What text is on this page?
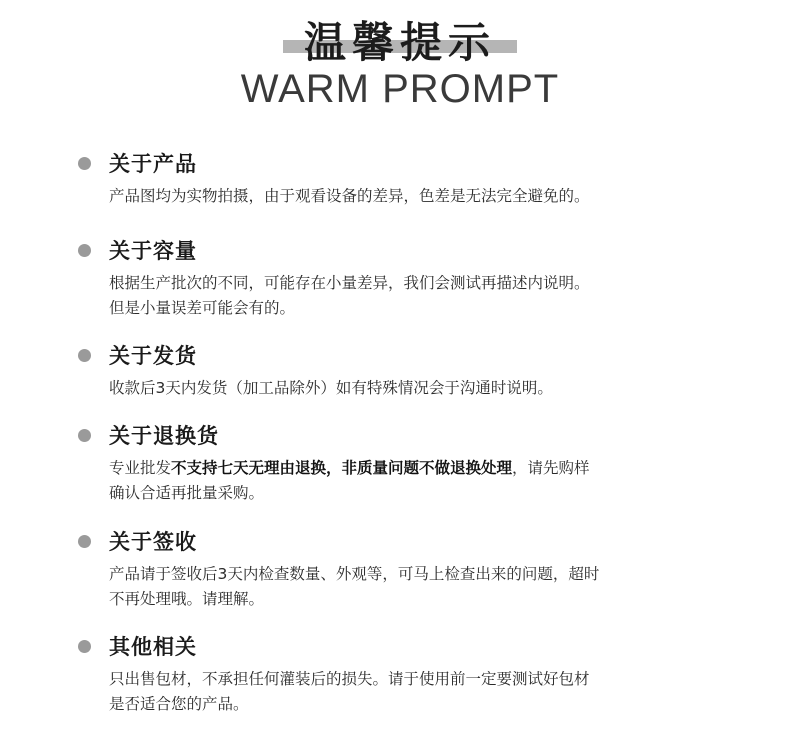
温馨提示
WARM PROMPT
关于产品
产品图均为实物拍摄，由于观看设备的差异，色差是无法完全避免的。
关于容量
根据生产批次的不同，可能存在小量差异，我们会测试再描述内说明。
但是小量误差可能会有的。
关于发货
收款后3天内发货（加工品除外）如有特殊情况会于沟通时说明。
关于退换货
专业批发不支持七天无理由退换，非质量问题不做退换处理，请先购样
确认合适再批量采购。
关于签收
产品请于签收后3天内检查数量、外观等，可马上检查出来的问题，超时
不再处理哦。请理解。
其他相关
只出售包材，不承担任何灌装后的损失。请于使用前一定要测试好包材
是否适合您的产品。
